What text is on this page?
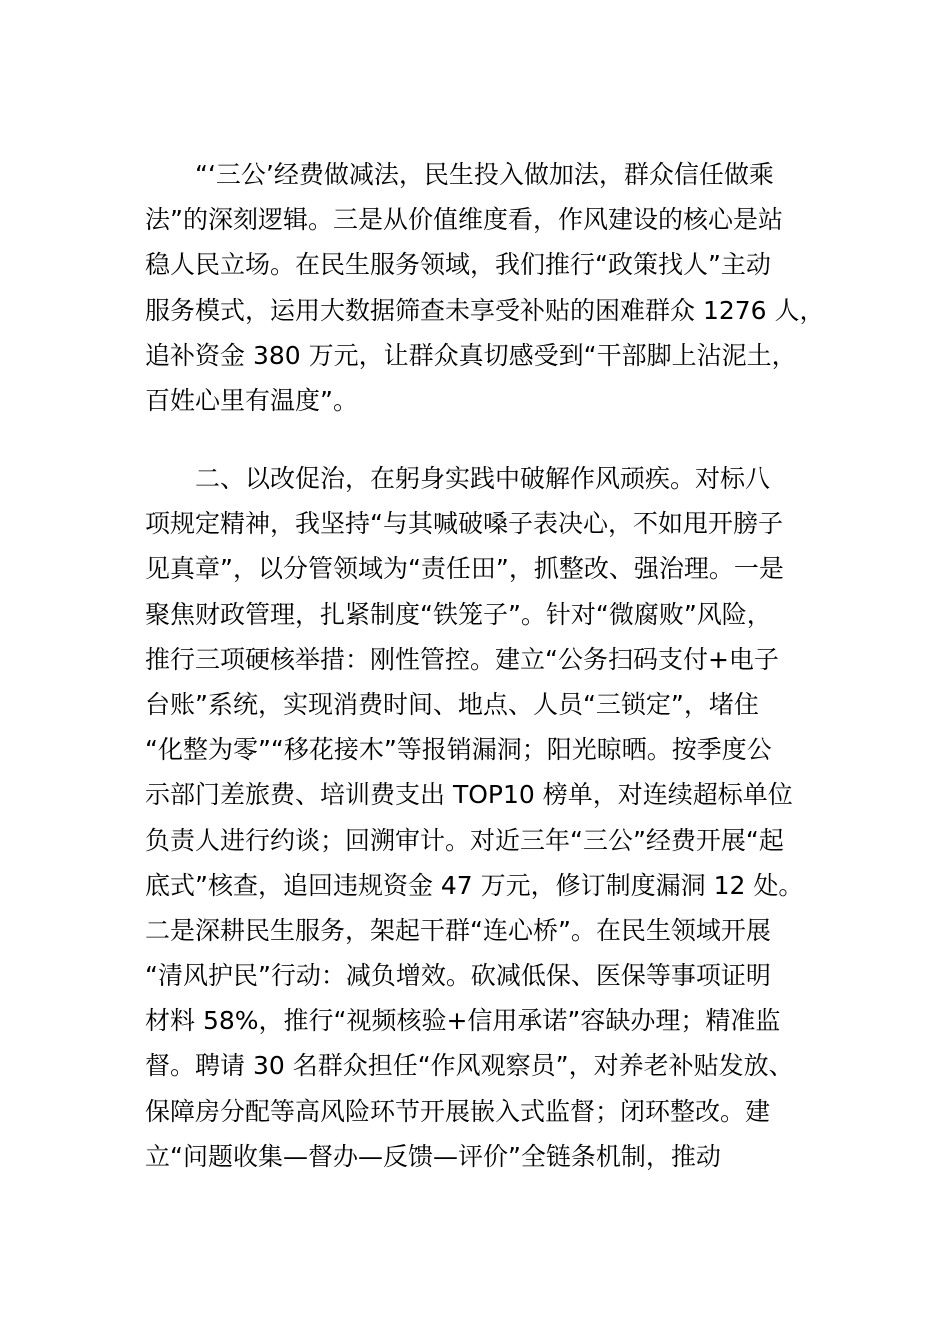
“‘三公’经费做减法，民生投入做加法，群众信任做乘
法”的深刻逻辑。三是从价值维度看，作风建设的核心是站
稳人民立场。在民生服务领域，我们推行“政策找人”主动
服务模式，运用大数据筛查未享受补贴的困难群众 1276 人，
追补资金 380 万元，让群众真切感受到“干部脚上沾泥土，
百姓心里有温度”。
二、以改促治，在躬身实践中破解作风顽疾。对标八
项规定精神，我坚持“与其喊破嗓子表决心，不如甩开膀子
见真章”，以分管领域为“责任田”，抓整改、强治理。一是
聚焦财政管理，扎紧制度“铁笼子”。针对“微腐败”风险，
推行三项硬核举措：刚性管控。建立“公务扫码支付+电子
台账”系统，实现消费时间、地点、人员“三锁定”，堵住
“化整为零”“移花接木”等报销漏洞；阳光晾晒。按季度公
示部门差旅费、培训费支出 TOP10 榜单，对连续超标单位
负责人进行约谈；回溯审计。对近三年“三公”经费开展“起
底式”核查，追回违规资金 47 万元，修订制度漏洞 12 处。
二是深耕民生服务，架起干群“连心桥”。在民生领域开展
“清风护民”行动：减负增效。砍减低保、医保等事项证明
材料 58%，推行“视频核验+信用承诺”容缺办理；精准监
督。聘请 30 名群众担任“作风观察员”，对养老补贴发放、
保障房分配等高风险环节开展嵌入式监督；闭环整改。建
立“问题收集—督办—反馈—评价”全链条机制，推动
